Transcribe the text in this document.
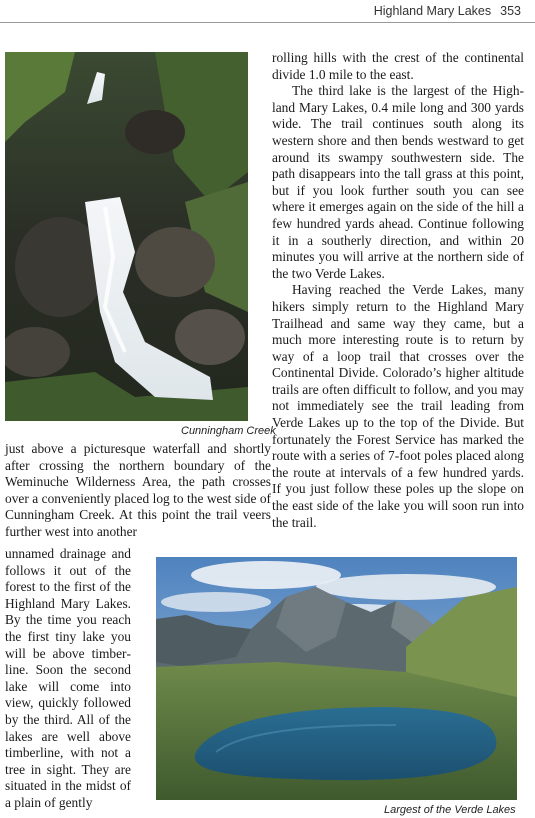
Highland Mary Lakes 353
Cunningham Creek

just above a picturesque waterfall and shortly after crossing the northern boundary of the Weminuche Wilderness Area, the path crosses over a conveniently placed log to the west side of Cunningham Creek. At this point the trail veers further west into another

unnamed drainage and follows it out of the forest to the first of the Highland Mary Lakes. By the time you reach the first tiny lake you will be above timberline. Soon the second lake will come into view, quickly followed by the third. All of the lakes are well above timberline, with not a tree in sight. They are situated in the midst of a plain of gently

rolling hills with the crest of the continental divide 1.0 mile to the east.

The third lake is the largest of the Highland Mary Lakes, 0.4 mile long and 300 yards wide. The trail continues south along its western shore and then bends westward to get around its swampy southwestern side. The path disappears into the tall grass at this point, but if you look further south you can see where it emerges again on the side of the hill a few hundred yards ahead. Continue following it in a southerly direction, and within 20 minutes you will arrive at the northern side of the two Verde Lakes.

Having reached the Verde Lakes, many hikers simply return to the Highland Mary Trailhead and same way they came, but a much more interesting route is to return by way of a loop trail that crosses over the Continental Divide. Colorado’s higher altitude trails are often difficult to follow, and you may not immediately see the trail leading from Verde Lakes up to the top of the Divide. But fortunately the Forest Service has marked the route with a series of 7-foot poles placed along the route at intervals of a few hundred yards. If you just follow these poles up the slope on the east side of the lake you will soon run into the trail.

Largest of the Verde Lakes
